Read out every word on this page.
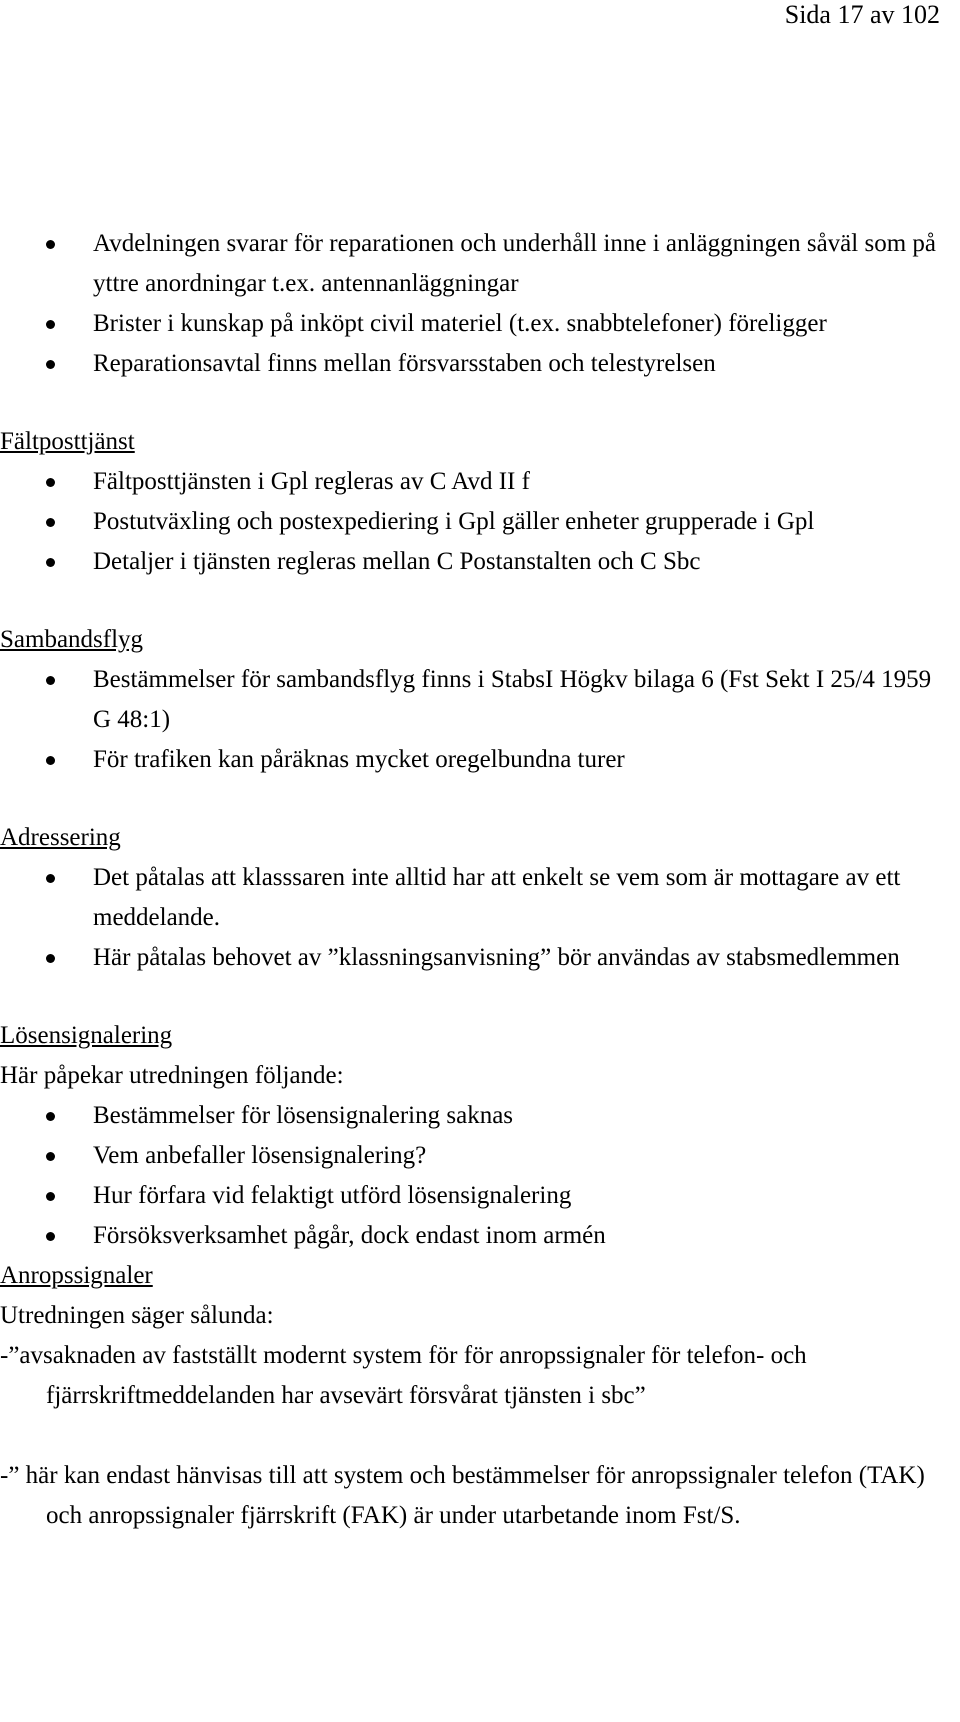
Sida 17 av 102
Avdelningen svarar för reparationen och underhåll inne i anläggningen såväl som på yttre anordningar t.ex. antennanläggningar
Brister i kunskap på inköpt civil materiel (t.ex. snabbtelefoner) föreligger
Reparationsavtal finns mellan försvarsstaben och telestyrelsen
Fältposttjänst
Fältposttjänsten i Gpl regleras av C Avd II f
Postutväxling och postexpediering i Gpl gäller enheter grupperade i Gpl
Detaljer i tjänsten regleras mellan C Postanstalten och C Sbc
Sambandsflyg
Bestämmelser för sambandsflyg finns i StabsI Högkv bilaga 6 (Fst Sekt I 25/4 1959 G 48:1)
För trafiken kan påräknas mycket oregelbundna turer
Adressering
Det påtalas att klasssaren inte alltid har att enkelt se vem som är mottagare av ett meddelande.
Här påtalas behovet av ”klassningsanvisning” bör användas av stabsmedlemmen
Lösensignalering

Här påpekar utredningen följande:

Bestämmelser för lösensignalering saknas
Vem anbefaller lösensignalering?
Hur förfara vid felaktigt utförd lösensignalering
Försöksverksamhet pågår, dock endast inom armén
Anropssignaler

Utredningen säger sålunda:

-”avsaknaden av fastställt modernt system för för anropssignaler för telefon- och fjärrskriftmeddelanden har avsevärt försvårat tjänsten i sbc”

-” här kan endast hänvisas till att system och bestämmelser för anropssignaler telefon (TAK) och anropssignaler fjärrskrift (FAK) är under utarbetande inom Fst/S.
